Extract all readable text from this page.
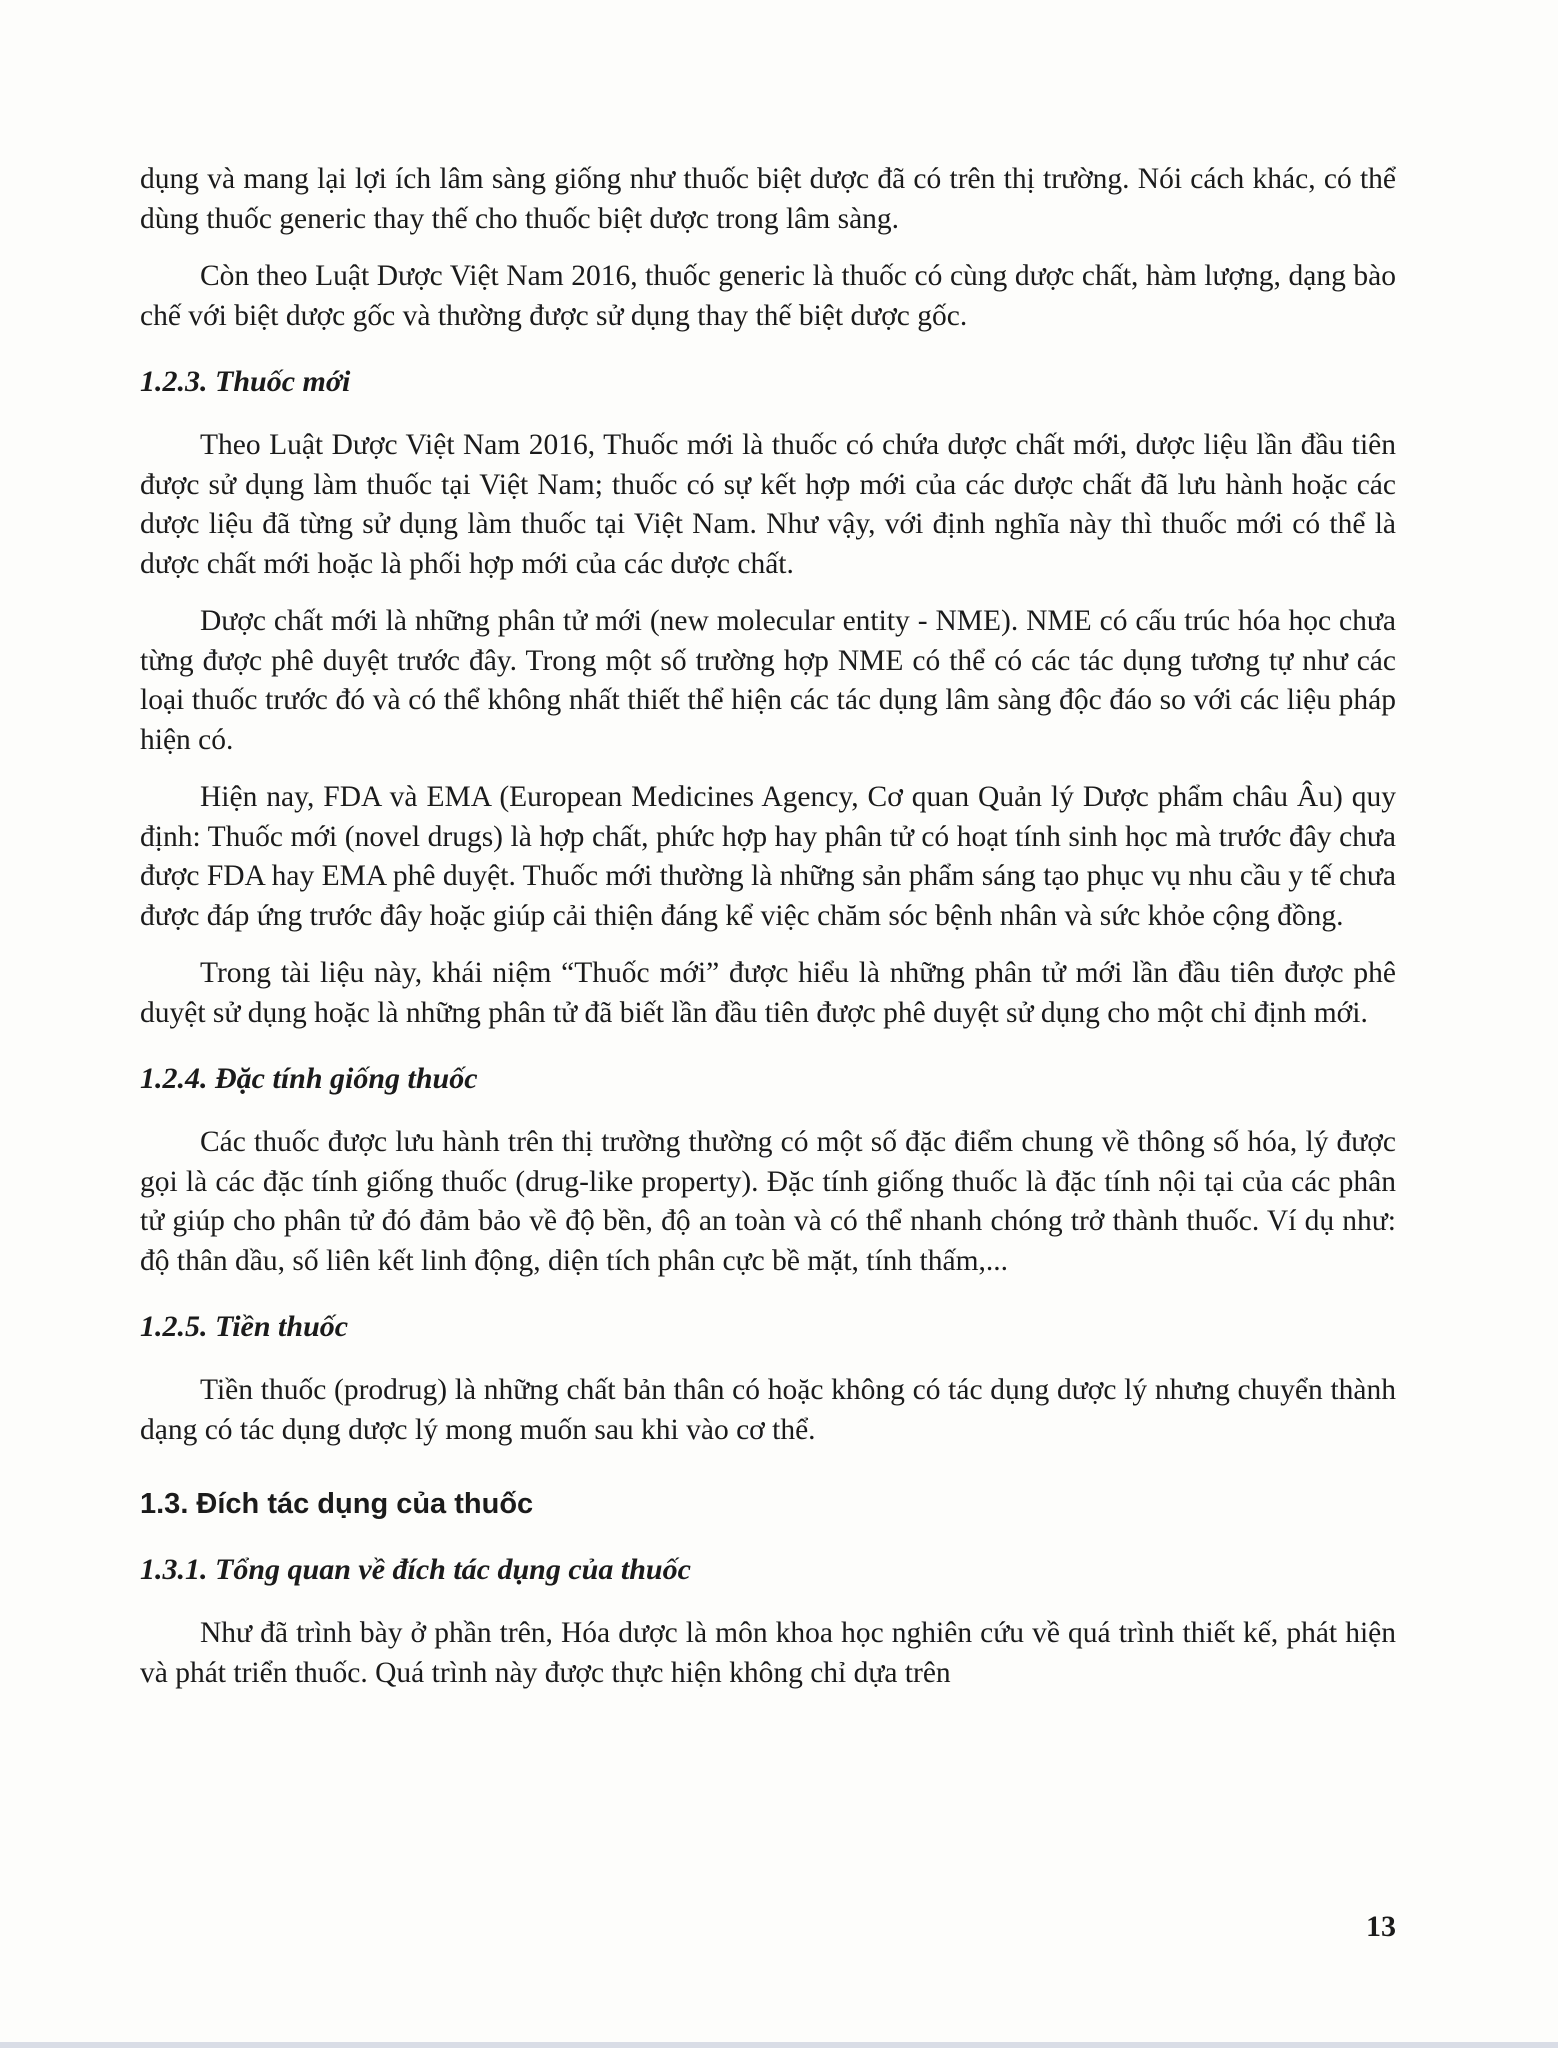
dụng và mang lại lợi ích lâm sàng giống như thuốc biệt dược đã có trên thị trường. Nói cách khác, có thể dùng thuốc generic thay thế cho thuốc biệt dược trong lâm sàng.

Còn theo Luật Dược Việt Nam 2016, thuốc generic là thuốc có cùng dược chất, hàm lượng, dạng bào chế với biệt dược gốc và thường được sử dụng thay thế biệt dược gốc.

1.2.3. Thuốc mới

Theo Luật Dược Việt Nam 2016, Thuốc mới là thuốc có chứa dược chất mới, dược liệu lần đầu tiên được sử dụng làm thuốc tại Việt Nam; thuốc có sự kết hợp mới của các dược chất đã lưu hành hoặc các dược liệu đã từng sử dụng làm thuốc tại Việt Nam. Như vậy, với định nghĩa này thì thuốc mới có thể là dược chất mới hoặc là phối hợp mới của các dược chất.

Dược chất mới là những phân tử mới (new molecular entity - NME). NME có cấu trúc hóa học chưa từng được phê duyệt trước đây. Trong một số trường hợp NME có thể có các tác dụng tương tự như các loại thuốc trước đó và có thể không nhất thiết thể hiện các tác dụng lâm sàng độc đáo so với các liệu pháp hiện có.

Hiện nay, FDA và EMA (European Medicines Agency, Cơ quan Quản lý Dược phẩm châu Âu) quy định: Thuốc mới (novel drugs) là hợp chất, phức hợp hay phân tử có hoạt tính sinh học mà trước đây chưa được FDA hay EMA phê duyệt. Thuốc mới thường là những sản phẩm sáng tạo phục vụ nhu cầu y tế chưa được đáp ứng trước đây hoặc giúp cải thiện đáng kể việc chăm sóc bệnh nhân và sức khỏe cộng đồng.

Trong tài liệu này, khái niệm “Thuốc mới” được hiểu là những phân tử mới lần đầu tiên được phê duyệt sử dụng hoặc là những phân tử đã biết lần đầu tiên được phê duyệt sử dụng cho một chỉ định mới.

1.2.4. Đặc tính giống thuốc

Các thuốc được lưu hành trên thị trường thường có một số đặc điểm chung về thông số hóa, lý được gọi là các đặc tính giống thuốc (drug-like property). Đặc tính giống thuốc là đặc tính nội tại của các phân tử giúp cho phân tử đó đảm bảo về độ bền, độ an toàn và có thể nhanh chóng trở thành thuốc. Ví dụ như: độ thân dầu, số liên kết linh động, diện tích phân cực bề mặt, tính thấm,...

1.2.5. Tiền thuốc

Tiền thuốc (prodrug) là những chất bản thân có hoặc không có tác dụng dược lý nhưng chuyển thành dạng có tác dụng dược lý mong muốn sau khi vào cơ thể.

1.3. Đích tác dụng của thuốc
1.3.1. Tổng quan về đích tác dụng của thuốc

Như đã trình bày ở phần trên, Hóa dược là môn khoa học nghiên cứu về quá trình thiết kế, phát hiện và phát triển thuốc. Quá trình này được thực hiện không chỉ dựa trên

13
